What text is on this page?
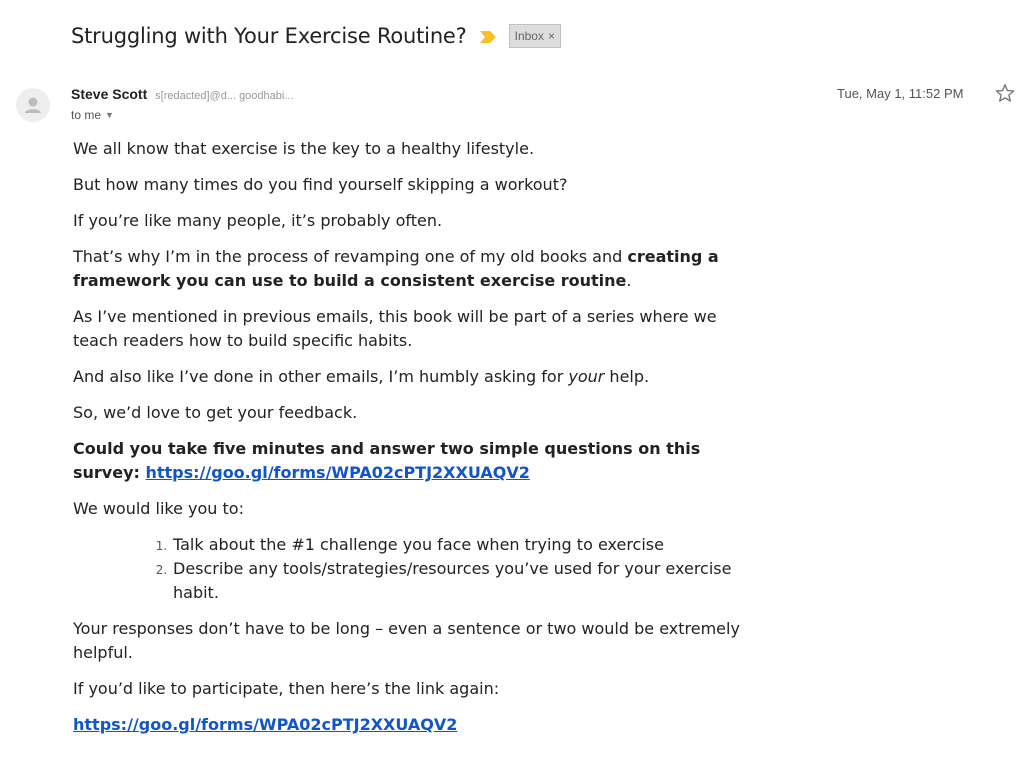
Struggling with Your Exercise Routine?	Inbox ×
Steve Scott s[redacted]@d... goodhabi...
to me ▼
Tue, May 1, 11:52 PM

We all know that exercise is the key to a healthy lifestyle.

But how many times do you find yourself skipping a workout?

If you’re like many people, it’s probably often.

That’s why I’m in the process of revamping one of my old books and creating a framework you can use to build a consistent exercise routine.

As I’ve mentioned in previous emails, this book will be part of a series where we teach readers how to build specific habits.

And also like I’ve done in other emails, I’m humbly asking for your help.

So, we’d love to get your feedback.

Could you take five minutes and answer two simple questions on this survey: https://goo.gl/forms/WPA02cPTJ2XXUAQV2

We would like you to:

1. Talk about the #1 challenge you face when trying to exercise
2. Describe any tools/strategies/resources you’ve used for your exercise habit.

Your responses don’t have to be long – even a sentence or two would be extremely helpful.

If you’d like to participate, then here’s the link again:

https://goo.gl/forms/WPA02cPTJ2XXUAQV2
